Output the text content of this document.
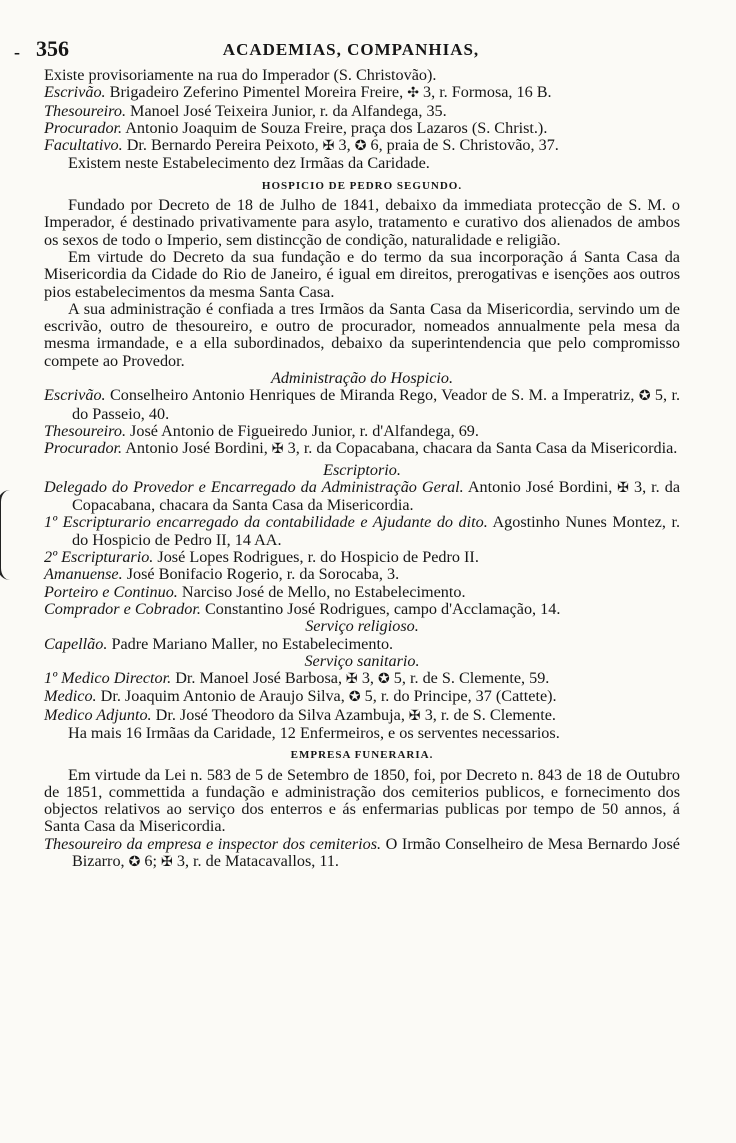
- 356	ACADEMIAS, COMPANHIAS,

Existe provisoriamente na rua do Imperador (S. Christovão).

Escrivão. Brigadeiro Zeferino Pimentel Moreira Freire, ✣ 3, r. Formosa, 16 B.

Thesoureiro. Manoel José Teixeira Junior, r. da Alfandega, 35.

Procurador. Antonio Joaquim de Souza Freire, praça dos Lazaros (S. Christ.).

Facultativo. Dr. Bernardo Pereira Peixoto, ✠ 3, ✪ 6, praia de S. Christovão, 37.

Existem neste Estabelecimento dez Irmãas da Caridade.

HOSPICIO DE PEDRO SEGUNDO.

Fundado por Decreto de 18 de Julho de 1841, debaixo da immediata protecção de S. M. o Imperador, é destinado privativamente para asylo, tratamento e curativo dos alienados de ambos os sexos de todo o Imperio, sem distincção de condição, naturalidade e religião.

Em virtude do Decreto da sua fundação e do termo da sua incorporação á Santa Casa da Misericordia da Cidade do Rio de Janeiro, é igual em direitos, prerogativas e isenções aos outros pios estabelecimentos da mesma Santa Casa.

A sua administração é confiada a tres Irmãos da Santa Casa da Misericordia, servindo um de escrivão, outro de thesoureiro, e outro de procurador, nomeados annualmente pela mesa da mesma irmandade, e a ella subordinados, debaixo da superintendencia que pelo compromisso compete ao Provedor.

Administração do Hospicio.

Escrivão. Conselheiro Antonio Henriques de Miranda Rego, Veador de S. M. a Imperatriz, ✪ 5, r. do Passeio, 40.

Thesoureiro. José Antonio de Figueiredo Junior, r. d'Alfandega, 69.

Procurador. Antonio José Bordini, ✠ 3, r. da Copacabana, chacara da Santa Casa da Misericordia.

Escriptorio.

Delegado do Provedor e Encarregado da Administração Geral. Antonio José Bordini, ✠ 3, r. da Copacabana, chacara da Santa Casa da Misericordia.

1º Escripturario encarregado da contabilidade e Ajudante do dito. Agostinho Nunes Montez, r. do Hospicio de Pedro II, 14 AA.

2º Escripturario. José Lopes Rodrigues, r. do Hospicio de Pedro II.

Amanuense. José Bonifacio Rogerio, r. da Sorocaba, 3.

Porteiro e Continuo. Narciso José de Mello, no Estabelecimento.

Comprador e Cobrador. Constantino José Rodrigues, campo d'Acclamação, 14.

Serviço religioso.

Capellão. Padre Mariano Maller, no Estabelecimento.

Serviço sanitario.

1º Medico Director. Dr. Manoel José Barbosa, ✠ 3, ✪ 5, r. de S. Clemente, 59.

Medico. Dr. Joaquim Antonio de Araujo Silva, ✪ 5, r. do Principe, 37 (Cattete).

Medico Adjunto. Dr. José Theodoro da Silva Azambuja, ✠ 3, r. de S. Clemente.

Ha mais 16 Irmãas da Caridade, 12 Enfermeiros, e os serventes necessarios.

EMPRESA FUNERARIA.

Em virtude da Lei n. 583 de 5 de Setembro de 1850, foi, por Decreto n. 843 de 18 de Outubro de 1851, commettida a fundação e administração dos cemiterios publicos, e fornecimento dos objectos relativos ao serviço dos enterros e ás enfermarias publicas por tempo de 50 annos, á Santa Casa da Misericordia.

Thesoureiro da empresa e inspector dos cemiterios. O Irmão Conselheiro de Mesa Bernardo José Bizarro, ✪ 6; ✠ 3, r. de Matacavallos, 11.
